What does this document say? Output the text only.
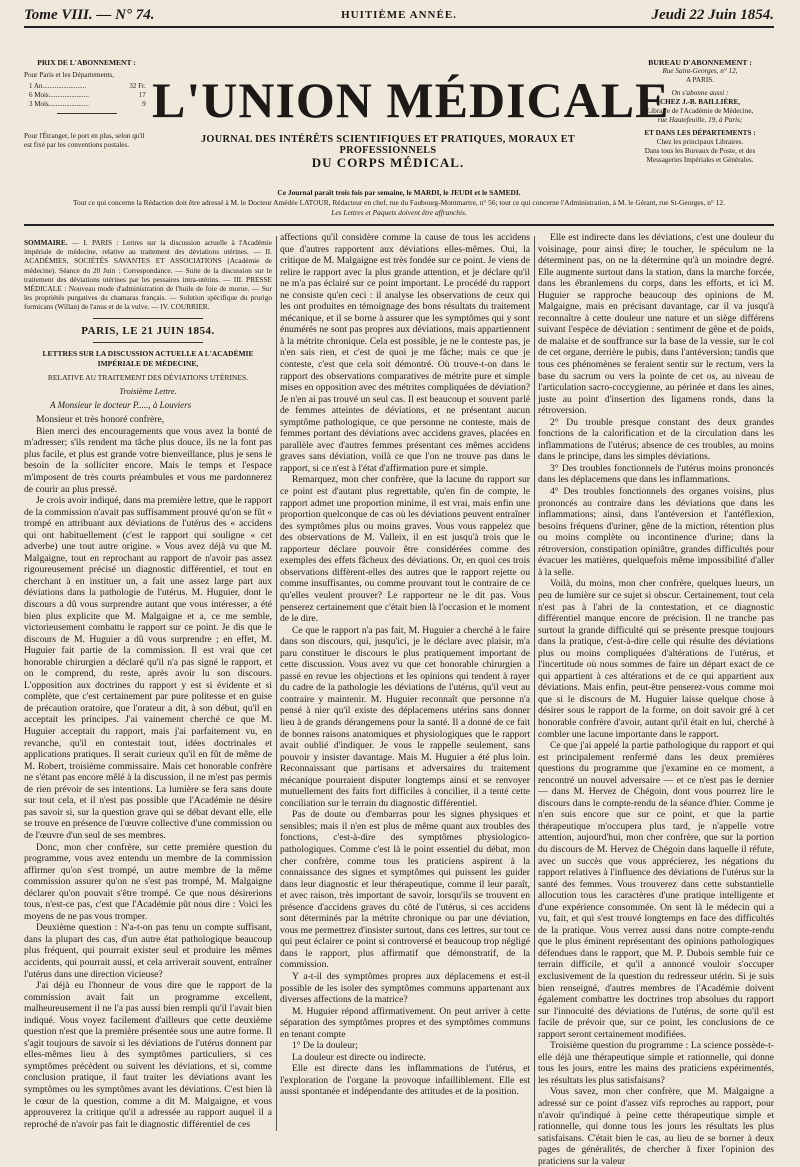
Tome VIII. — N° 74.	HUITIÈME ANNÉE.	Jeudi 22 Juin 1854.
PRIX DE L'ABONNEMENT :
Pour Paris et les Départements,
1 An.........................	32 Fr.
6 Mois.......................	17
3 Mois.......................	9
Pour l'Étranger, le port en plus, selon qu'il est fixé par les conventions postales.
L'UNION MÉDICALE
JOURNAL DES INTÉRÊTS SCIENTIFIQUES ET PRATIQUES, MORAUX ET PROFESSIONNELS
DU CORPS MÉDICAL.
BUREAU D'ABONNEMENT :
Rue Saint-Georges, n° 12,
A PARIS.
On s'abonne aussi :
CHEZ J.-B. BAILLIÈRE,
Libraire de l'Académie de Médecine,
rue Hautefeuille, 19, à Paris;
ET DANS LES DÉPARTEMENTS :
Chez les principaux Libraires.
Dans tous les Bureaux de Poste, et des
Messageries Impériales et Générales.
Ce Journal paraît trois fois par semaine, le MARDI, le JEUDI et le SAMEDI.
Tout ce qui concerne la Rédaction doit être adressé à M. le Docteur Amédée LATOUR, Rédacteur en chef, rue du Faubourg-Montmartre, n° 56; tout ce qui concerne l'Administration, à M. le Gérant, rue St-Georges, n° 12.
Les Lettres et Paquets doivent être affranchis.
SOMMAIRE. — I. PARIS : Lettres sur la discussion actuelle à l'Académie impériale de médecine, relative au traitement des déviations utérines. — II. ACADÉMIES, SOCIÉTÉS SAVANTES ET ASSOCIATIONS (Académie de médecine). Séance du 20 Juin : Correspondance. — Suite de la discussion sur le traitement des déviations utérines par les pessaires intra-utérins. — III. PRESSE MÉDICALE : Nouveau mode d'administration de l'huile de foie de morue. — Sur les propriétés purgatives du chamaras français. — Solution spécifique du prurigo formicans (Willan) de l'anus et de la vulve. — IV. COURRIER.
PARIS, LE 21 JUIN 1854.
LETTRES SUR LA DISCUSSION ACTUELLE A L'ACADÉMIE IMPÉRIALE DE MÉDECINE,
RELATIVE AU TRAITEMENT DES DÉVIATIONS UTÉRINES.
Troisième Lettre.
A Monsieur le docteur P....., à Louviers

Monsieur et très honoré confrère,

Bien merci des encouragements que vous avez la bonté de m'adresser; s'ils rendent ma tâche plus douce, ils ne la font pas plus facile, et plus est grande votre bienveillance, plus je sens le besoin de la solliciter encore. Mais le temps et l'espace m'imposent de très courts préambules et vous me pardonnerez de courir au plus pressé.

Je crois avoir indiqué, dans ma première lettre, que le rapport de la commission n'avait pas suffisamment prouvé qu'on se fût « trompé en attribuant aux déviations de l'utérus des « accidens qui ont habituellement (c'est le rapport qui souligne « cet adverbe) une tout autre origine. » Vous avez déjà vu que M. Malgaigne, tout en reprochant au rapport de n'avoir pas assez rigoureusement précisé un diagnostic différentiel, et tout en cherchant à en instituer un, a fait une assez large part aux déviations dans la pathologie de l'utérus. M. Huguier, dont le discours a dû vous surprendre autant que vous intéresser, a été bien plus explicite que M. Malgaigne et a, ce me semble, victorieusement combattu le rapport sur ce point. Je dis que le discours de M. Huguier a dû vous surprendre ; en effet, M. Huguier fait partie de la commission. Il est vrai que cet honorable chirurgien a déclaré qu'il n'a pas signé le rapport, et on le comprend, du reste, après avoir lu son discours. L'opposition aux doctrines du rapport y est si évidente et si complète, que c'est certainement par pure politesse et en guise de précaution oratoire, que l'orateur a dit, à son début, qu'il en acceptait les principes. J'ai vainement cherché ce que M. Huguier acceptait du rapport, mais j'ai parfaitement vu, en revanche, qu'il en contestait tout, idées doctrinales et applications pratiques. Il serait curieux qu'il en fût de même de M. Robert, troisième commissaire. Mais cet honorable confrère ne s'étant pas encore mêlé à la discussion, il ne m'est pas permis de rien prévoir de ses intentions. La lumière se fera sans doute sur tout cela, et il n'est pas possible que l'Académie ne désire pas savoir si, sur la question grave qui se débat devant elle, elle se trouve en présence de l'œuvre collective d'une commission ou de l'œuvre d'un seul de ses membres.

Donc, mon cher confrère, sur cette première question du programme, vous avez entendu un membre de la commission affirmer qu'on s'est trompé, un autre membre de la même commission assurer qu'on ne s'est pas trompé, M. Malgaigne déclarer qu'on pouvait s'être trompé. Ce que nous désirerions tous, n'est-ce pas, c'est que l'Académie pût nous dire : Voici les moyens de ne pas vous tromper.

Deuxième question : N'a-t-on pas tenu un compte suffisant, dans la plupart des cas, d'un autre état pathologique beaucoup plus fréquent, qui pourrait exister seul et produire les mêmes accidents, qui pourrait aussi, et cela arriverait souvent, entraîner l'utérus dans une direction vicieuse?

J'ai déjà eu l'honneur de vous dire que le rapport de la commission avait fait un programme excellent, malheureusement il ne l'a pas aussi bien rempli qu'il l'avait bien indiqué. Vous voyez facilement d'ailleurs que cette deuxième question n'est que la première présentée sous une autre forme. Il s'agit toujours de savoir si les déviations de l'utérus donnent par elles-mêmes lieu à des symptômes particuliers, si ces symptômes précèdent ou suivent les déviations, et si, comme conclusion pratique, il faut traiter les déviations avant les symptômes ou les symptômes avant les déviations. C'est bien là le cœur de la question, comme a dit M. Malgaigne, et vous approuverez la critique qu'il a adressée au rapport auquel il a reproché de n'avoir pas fait le diagnostic différentiel de ces

affections qu'il considère comme la cause de tous les accidens que d'autres rapportent aux déviations elles-mêmes. Oui, la critique de M. Malgaigne est très fondée sur ce point. Je viens de relire le rapport avec la plus grande attention, et je déclare qu'il ne m'a pas éclairé sur ce point important. Le procédé du rapport ne consiste qu'en ceci : il analyse les observations de ceux qui les ont produites en témoignage des bons résultats du traitement mécanique, et il se borne à assurer que les symptômes qui y sont énumérés ne sont pas propres aux déviations, mais appartiennent à la métrite chronique. Cela est possible, je ne le conteste pas, je n'en sais rien, et c'est de quoi je me fâche; mais ce que je conteste, c'est que cela soit démontré. Où trouve-t-on dans le rapport des observations comparatives de métrite pure et simple mises en opposition avec des métrites compliquées de déviation? Je n'en ai pas trouvé un seul cas. Il est beaucoup et souvent parlé de femmes atteintes de déviations, et ne présentant aucun symptôme pathologique, ce que personne ne conteste, mais de femmes portant des déviations avec accidens graves, placées en parallèle avec d'autres femmes présentant ces mêmes accidens graves sans déviation, voilà ce que l'on ne trouve pas dans le rapport, si ce n'est à l'état d'affirmation pure et simple.

Remarquez, mon cher confrère, que la lacune du rapport sur ce point est d'autant plus regrettable, qu'en fin de compte, le rapport admet une proportion minime, il est vrai, mais enfin une proportion quelconque de cas où les déviations peuvent entraîner des symptômes plus ou moins graves. Vous vous rappelez que des observations de M. Valleix, il en est jusqu'à trois que le rapporteur déclare pouvoir être considérées comme des exemples des effets fâcheux des déviations. Or, en quoi ces trois observations diffèrent-elles des autres que le rapport rejette ou comme insuffisantes, ou comme prouvant tout le contraire de ce qu'elles veulent prouver? Le rapporteur ne le dit pas. Vous penserez certainement que c'était bien là l'occasion et le moment de le dire.

Ce que le rapport n'a pas fait, M. Huguier a cherché à le faire dans son discours, qui, jusqu'ici, je le déclare avec plaisir, m'a paru constituer le discours le plus pratiquement important de cette discussion. Vous avez vu que cet honorable chirurgien a passé en revue les objections et les opinions qui tendent à rayer du cadre de la pathologie les déviations de l'utérus, qu'il veut au contraire y maintenir. M. Huguier reconnaît que personne n'a pensé à nier qu'il existe des déplacemens utérins sans donner lieu à de grands dérangemens pour la santé. Il a donné de ce fait de bonnes raisons anatomiques et physiologiques que le rapport avait oublié d'indiquer. Je vous le rappelle seulement, sans pouvoir y insister davantage. Mais M. Huguier a été plus loin. Reconnaissant que partisans et adversaires du traitement mécanique pourraient disputer longtemps ainsi et se renvoyer mutuellement des faits fort difficiles à concilier, il a tenté cette conciliation sur le terrain du diagnostic différentiel.

Pas de doute ou d'embarras pour les signes physiques et sensibles; mais il n'en est plus de même quant aux troubles des fonctions, c'est-à-dire des symptômes physiologico-pathologiques. Comme c'est là le point essentiel du débat, mon cher confrère, comme tous les praticiens aspirent à la connaissance des signes et symptômes qui puissent les guider dans leur diagnostic et leur thérapeutique, comme il leur paraît, et avec raison, très important de savoir, lorsqu'ils se trouvent en présence d'accidens graves du côté de l'utérus, si ces accidens sont déterminés par la métrite chronique ou par une déviation, vous me permettrez d'insister surtout, dans ces lettres, sur tout ce qui peut éclairer ce point si controversé et beaucoup trop négligé dans le rapport, plus affirmatif que démonstratif, de la commission.

Y a-t-il des symptômes propres aux déplacemens et est-il possible de les isoler des symptômes communs appartenant aux diverses affections de la matrice?

M. Huguier répond affirmativement. On peut arriver à cette séparation des symptômes propres et des symptômes communs en tenant compte

1° De la douleur;

La douleur est directe ou indirecte.

Elle est directe dans les inflammations de l'utérus, et l'exploration de l'organe la provoque infailliblement. Elle est aussi spontanée et indépendante des attitudes et de la position.

Elle est indirecte dans les déviations, c'est une douleur du voisinage, pour ainsi dire; le toucher, le spéculum ne la déterminent pas, on ne la détermine qu'à un moindre degré. Elle augmente surtout dans la station, dans la marche forcée, dans les ébranlemens du corps, dans les efforts, et ici M. Huguier se rapproche beaucoup des opinions de M. Malgaigne, mais en précisant davantage, car il va jusqu'à reconnaître à cette douleur une nature et un siège différens suivant l'espèce de déviation : sentiment de gêne et de poids, de malaise et de souffrance sur la base de la vessie, sur le col de cet organe, derrière le pubis, dans l'antéversion; tandis que tous ces phénomènes se feraient sentir sur le rectum, vers la base du sacrum ou vers la pointe de cet os, au niveau de l'articulation sacro-coccygienne, au périnée et dans les aines, juste au point d'insertion des ligamens ronds, dans la rétroversion.

2° Du trouble presque constant des deux grandes fonctions de la calorification et de la circulation dans les inflammations de l'utérus; absence de ces troubles, au moins dans le principe, dans les simples déviations.

3° Des troubles fonctionnels de l'utérus moins prononcés dans les déplacemens que dans les inflammations.

4° Des troubles fonctionnels des organes voisins, plus prononcés au contraire dans les déviations que dans les inflammations; ainsi, dans l'antéversion et l'antéflexion, besoins fréquens d'uriner, gêne de la miction, rétention plus ou moins complète ou incontinence d'urine; dans la rétroversion, constipation opiniâtre, grandes difficultés pour évacuer les matières, quelquefois même impossibilité d'aller à la selle.

Voilà, du moins, mon cher confrère, quelques lueurs, un peu de lumière sur ce sujet si obscur. Certainement, tout cela n'est pas à l'abri de la contestation, et ce diagnostic différentiel manque encore de précision. Il ne tranche pas surtout la grande difficulté qui se présente presque toujours dans la pratique, c'est-à-dire celle qui résulte des déviations plus ou moins compliquées d'altérations de l'utérus, et l'incertitude où nous sommes de faire un départ exact de ce qui appartient à ces altérations et de ce qui appartient aux déviations. Mais enfin, peut-être penserez-vous comme moi que si le discours de M. Huguier laisse quelque chose à désirer sous le rapport de la forme, on doit savoir gré à cet honorable confrère d'avoir, autant qu'il était en lui, cherché à combler une lacune importante dans le rapport.

Ce que j'ai appelé la partie pathologique du rapport et qui est principalement renfermé dans les deux premières questions du programme que j'examine en ce moment, a rencontré un nouvel adversaire — et ce n'est pas le dernier — dans M. Hervez de Chégoin, dont vous pourrez lire le discours dans le compte-rendu de la séance d'hier. Comme je n'en suis encore que sur ce point, et que la partie thérapeutique m'occupera plus tard, je n'appelle votre attention, aujourd'hui, mon cher confrère, que sur la portion du discours de M. Hervez de Chégoin dans laquelle il réfute, avec un succès que vous apprécierez, les négations du rapport relatives à l'influence des déviations de l'utérus sur la santé des femmes. Vous trouverez dans cette substantielle allocution tous les caractères d'une pratique intelligente et d'une expérience consommée. On sent là le médecin qui a vu, fait, et qui s'est trouvé longtemps en face des difficultés de la pratique. Vous verrez aussi dans notre compte-rendu que le plus éminent représentant des opinions pathologiques défendues dans le rapport, que M. P. Dubois semble fuir ce terrain difficile, et qu'il a annoncé vouloir s'occuper exclusivement de la question du redresseur utérin. Si je suis bien renseigné, d'autres membres de l'Académie doivent également combattre les doctrines trop absolues du rapport sur l'innocuité des déviations de l'utérus, de sorte qu'il est facile de prévoir que, sur ce point, les conclusions de ce rapport seront certainement modifiées.

Troisième question du programme : La science possède-t-elle déjà une thérapeutique simple et rationnelle, qui donne tous les jours, entre les mains des praticiens expérimentés, les résultats les plus satisfaisans?

Vous savez, mon cher confrère, que M. Malgaigne a adressé sur ce point d'assez vifs reproches au rapport, pour n'avoir qu'indiqué à peine cette thérapeutique simple et rationnelle, qui donne tous les jours les résultats les plus satisfaisans. C'était bien le cas, au lieu de se borner à deux pages de généralités, de chercher à fixer l'opinion des praticiens sur la valeur
